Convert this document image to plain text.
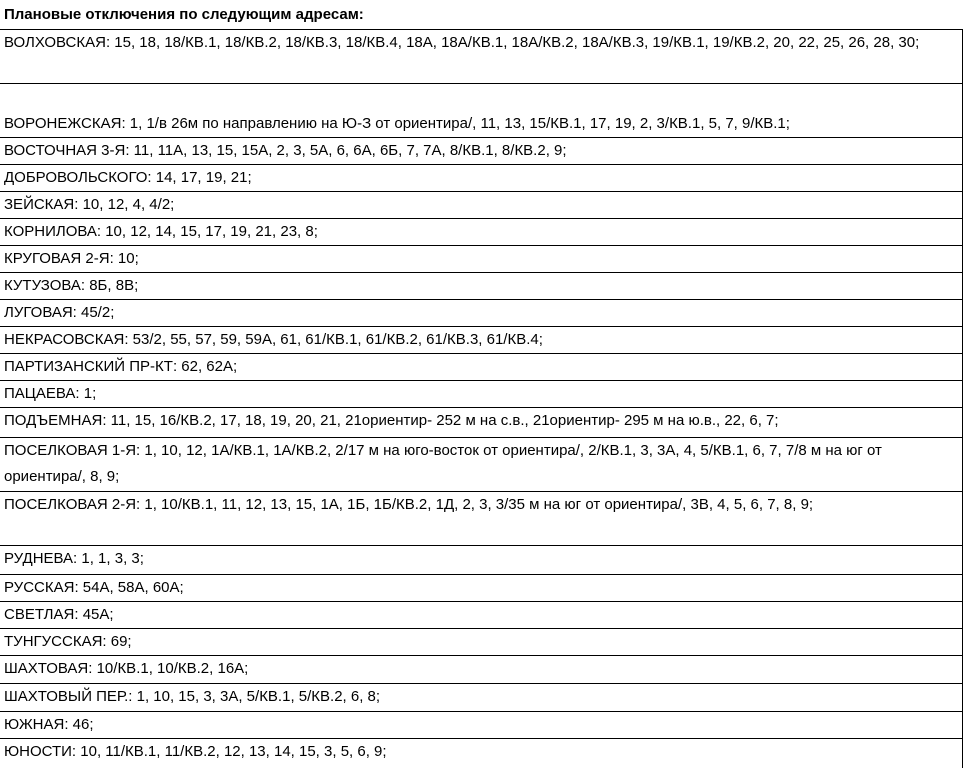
Плановые отключения по следующим адресам:
ВОЛХОВСКАЯ: 15, 18, 18/КВ.1, 18/КВ.2, 18/КВ.3, 18/КВ.4, 18А, 18А/КВ.1, 18А/КВ.2, 18А/КВ.3, 19/КВ.1, 19/КВ.2, 20, 22, 25, 26, 28, 30;
ВОРОНЕЖСКАЯ: 1, 1/в 26м по направлению на Ю-З от ориентира/, 11, 13, 15/КВ.1, 17, 19, 2, 3/КВ.1, 5, 7, 9/КВ.1;
ВОСТОЧНАЯ 3-Я: 11, 11А, 13, 15, 15А, 2, 3, 5А, 6, 6А, 6Б, 7, 7А, 8/КВ.1, 8/КВ.2, 9;
ДОБРОВОЛЬСКОГО: 14, 17, 19, 21;
ЗЕЙСКАЯ: 10, 12, 4, 4/2;
КОРНИЛОВА: 10, 12, 14, 15, 17, 19, 21, 23, 8;
КРУГОВАЯ 2-Я: 10;
КУТУЗОВА: 8Б, 8В;
ЛУГОВАЯ: 45/2;
НЕКРАСОВСКАЯ: 53/2, 55, 57, 59, 59А, 61, 61/КВ.1, 61/КВ.2, 61/КВ.3, 61/КВ.4;
ПАРТИЗАНСКИЙ ПР-КТ: 62, 62А;
ПАЦАЕВА: 1;
ПОДЪЕМНАЯ: 11, 15, 16/КВ.2, 17, 18, 19, 20, 21, 21ориентир- 252 м на с.в., 21ориентир- 295 м на ю.в., 22, 6, 7;
ПОСЕЛКОВАЯ 1-Я: 1, 10, 12, 1А/КВ.1, 1А/КВ.2, 2/17 м на юго-восток от ориентира/, 2/КВ.1, 3, 3А, 4, 5/КВ.1, 6, 7, 7/8 м на юг от ориентира/, 8, 9;
ПОСЕЛКОВАЯ 2-Я: 1, 10/КВ.1, 11, 12, 13, 15, 1А, 1Б, 1Б/КВ.2, 1Д, 2, 3, 3/35 м на юг от ориентира/, 3В, 4, 5, 6, 7, 8, 9;
РУДНЕВА: 1, 1, 3, 3;
РУССКАЯ: 54А, 58А, 60А;
СВЕТЛАЯ: 45А;
ТУНГУССКАЯ: 69;
ШАХТОВАЯ: 10/КВ.1, 10/КВ.2, 16А;
ШАХТОВЫЙ ПЕР.: 1, 10, 15, 3, 3А, 5/КВ.1, 5/КВ.2, 6, 8;
ЮЖНАЯ: 46;
ЮНОСТИ: 10, 11/КВ.1, 11/КВ.2, 12, 13, 14, 15, 3, 5, 6, 9;
